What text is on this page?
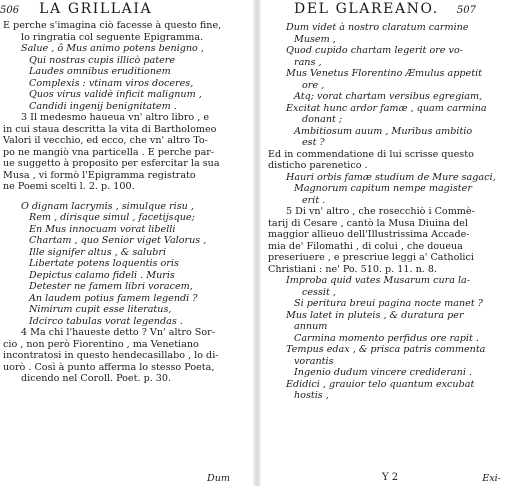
506 LA GRILLAIA
E perche s'imagina ciò facesse à questo fine,
lo ringratia col seguente Epigramma.
Salue , ô Mus animo potens benigno ,
Qui nostras cupis illicò patere
Laudes omnibus eruditionem
Complexis : vtinam viros doceres,
Quos virus validè inficit malignum ,
Candidi ingenij benignitatem .
3 Il medesmo haueua vn' altro libro , e
in cui staua descritta la vita di Bartholomeo
Valori il vecchio, ed ecco, che vn' altro To-
po ne mangiò vna particella . E perche par-
ue suggetto à proposito per esfercitar la sua
Musa , vi formò l'Epigramma registrato
ne Poemi scelti l. 2. p. 100.
O dignam lacrymis , simulque risu ,
Rem , dirisque simul , facetijsque;
En Mus innocuam vorat libelli
Chartam , quo Senior viget Valorus ,
Ille signifer altus , & salubri
Libertate potens loquentis oris
Depictus calamo fideli . Muris
Detester ne famem libri voracem,
An laudem potius famem legendi ?
Nimirum cupit esse literatus,
Idcirco tabulas vorat legendas .
4 Ma chi l'haueste detto ? Vn' altro Sor-
cio , non però Fiorentino , ma Venetiano
incontratosi in questo hendecasillabo , lo di-
uorò . Così à punto afferma lo stesso Poeta,
dicendo nel Coroll. Poet. p. 30.
Dum
DEL GLAREANO. 507
Dum videt à nostro claratum carmine
Musem ,
Quod cupido chartam legerit ore vo-
rans ,
Mus Venetus Florentino Æmulus appetit
ore ,
Atq; vorat chartam versibus egregiam,
Excitat hunc ardor famæ , quam carmina
donant ;
Ambitiosum auum , Muribus ambitio
est ?
Ed in commendatione di lui scrisse questo
disticho parenetico .
Hauri orbis famæ studium de Mure sagaci,
Magnorum capitum nempe magister
erit .
5 Di vn' altro , che rosecchiò i Commè-
tarij di Cesare , cantò la Musa Diuina del
maggior allieuo dell'Illustrissima Accade-
mia de' Filomathi , di colui , che doueua
preseriuere , e prescriue leggi a' Catholici
Christiani : ne' Po. 510. p. 11. n. 8.
Improba quid vates Musarum cura la-
cessit ,
Si peritura breui pagina nocte manet ?
Mus latet in pluteis , & duratura per
annum
Carmina momento perfidus ore rapit .
Tempus edax , & prisca patris commenta
vorantis
Ingenio dudum vincere crediderani .
Edidici , grauior telo quantum excubat
hostis ,
Y 2	Exi-
